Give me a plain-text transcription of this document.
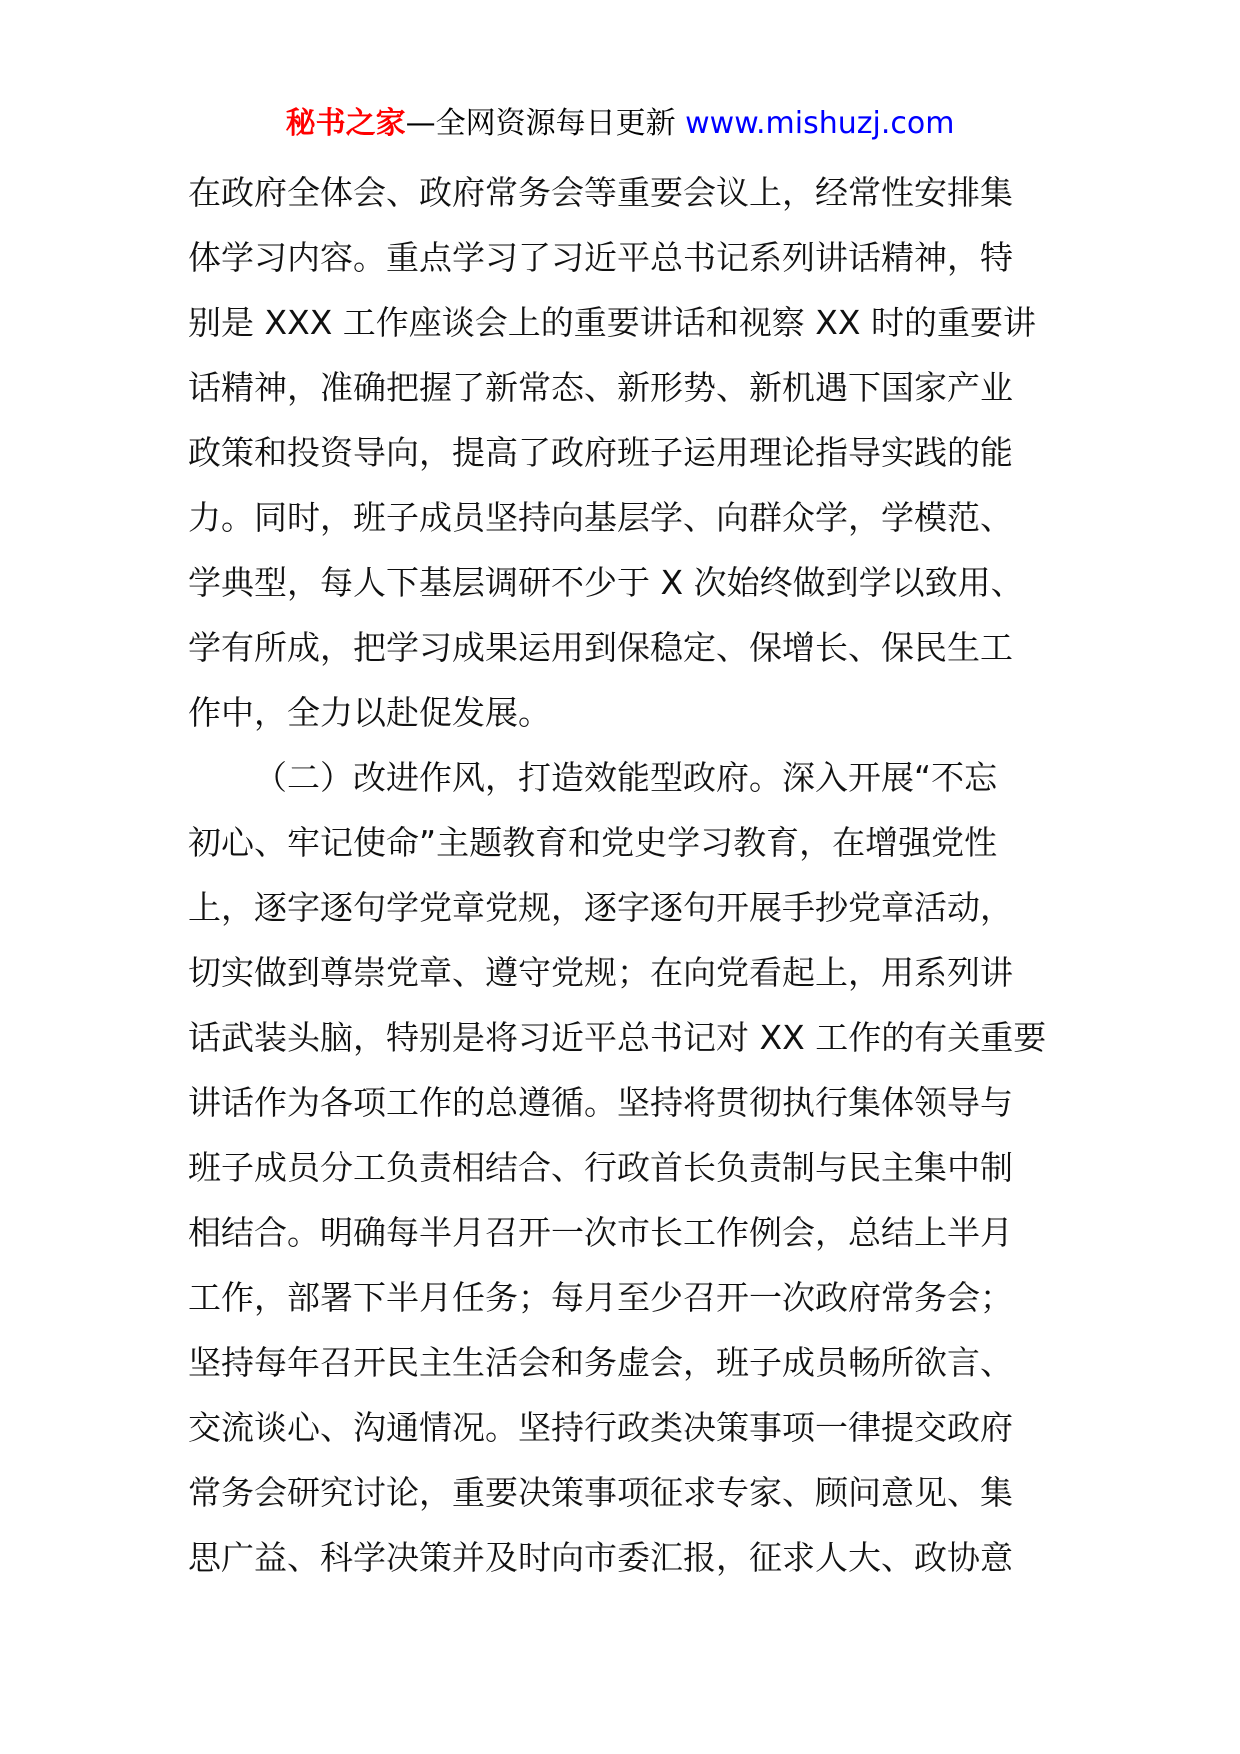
秘书之家—全网资源每日更新 www.mishuzj.com
在政府全体会、政府常务会等重要会议上，经常性安排集
体学习内容。重点学习了习近平总书记系列讲话精神，特
别是 XXX 工作座谈会上的重要讲话和视察 XX 时的重要讲
话精神，准确把握了新常态、新形势、新机遇下国家产业
政策和投资导向，提高了政府班子运用理论指导实践的能
力。同时，班子成员坚持向基层学、向群众学，学模范、
学典型，每人下基层调研不少于 X 次始终做到学以致用、
学有所成，把学习成果运用到保稳定、保增长、保民生工
作中，全力以赴促发展。
（二）改进作风，打造效能型政府。深入开展“不忘
初心、牢记使命”主题教育和党史学习教育，在增强党性
上，逐字逐句学党章党规，逐字逐句开展手抄党章活动，
切实做到尊崇党章、遵守党规；在向党看起上，用系列讲
话武装头脑，特别是将习近平总书记对 XX 工作的有关重要
讲话作为各项工作的总遵循。坚持将贯彻执行集体领导与
班子成员分工负责相结合、行政首长负责制与民主集中制
相结合。明确每半月召开一次市长工作例会，总结上半月
工作，部署下半月任务；每月至少召开一次政府常务会；
坚持每年召开民主生活会和务虚会，班子成员畅所欲言、
交流谈心、沟通情况。坚持行政类决策事项一律提交政府
常务会研究讨论，重要决策事项征求专家、顾问意见、集
思广益、科学决策并及时向市委汇报，征求人大、政协意
